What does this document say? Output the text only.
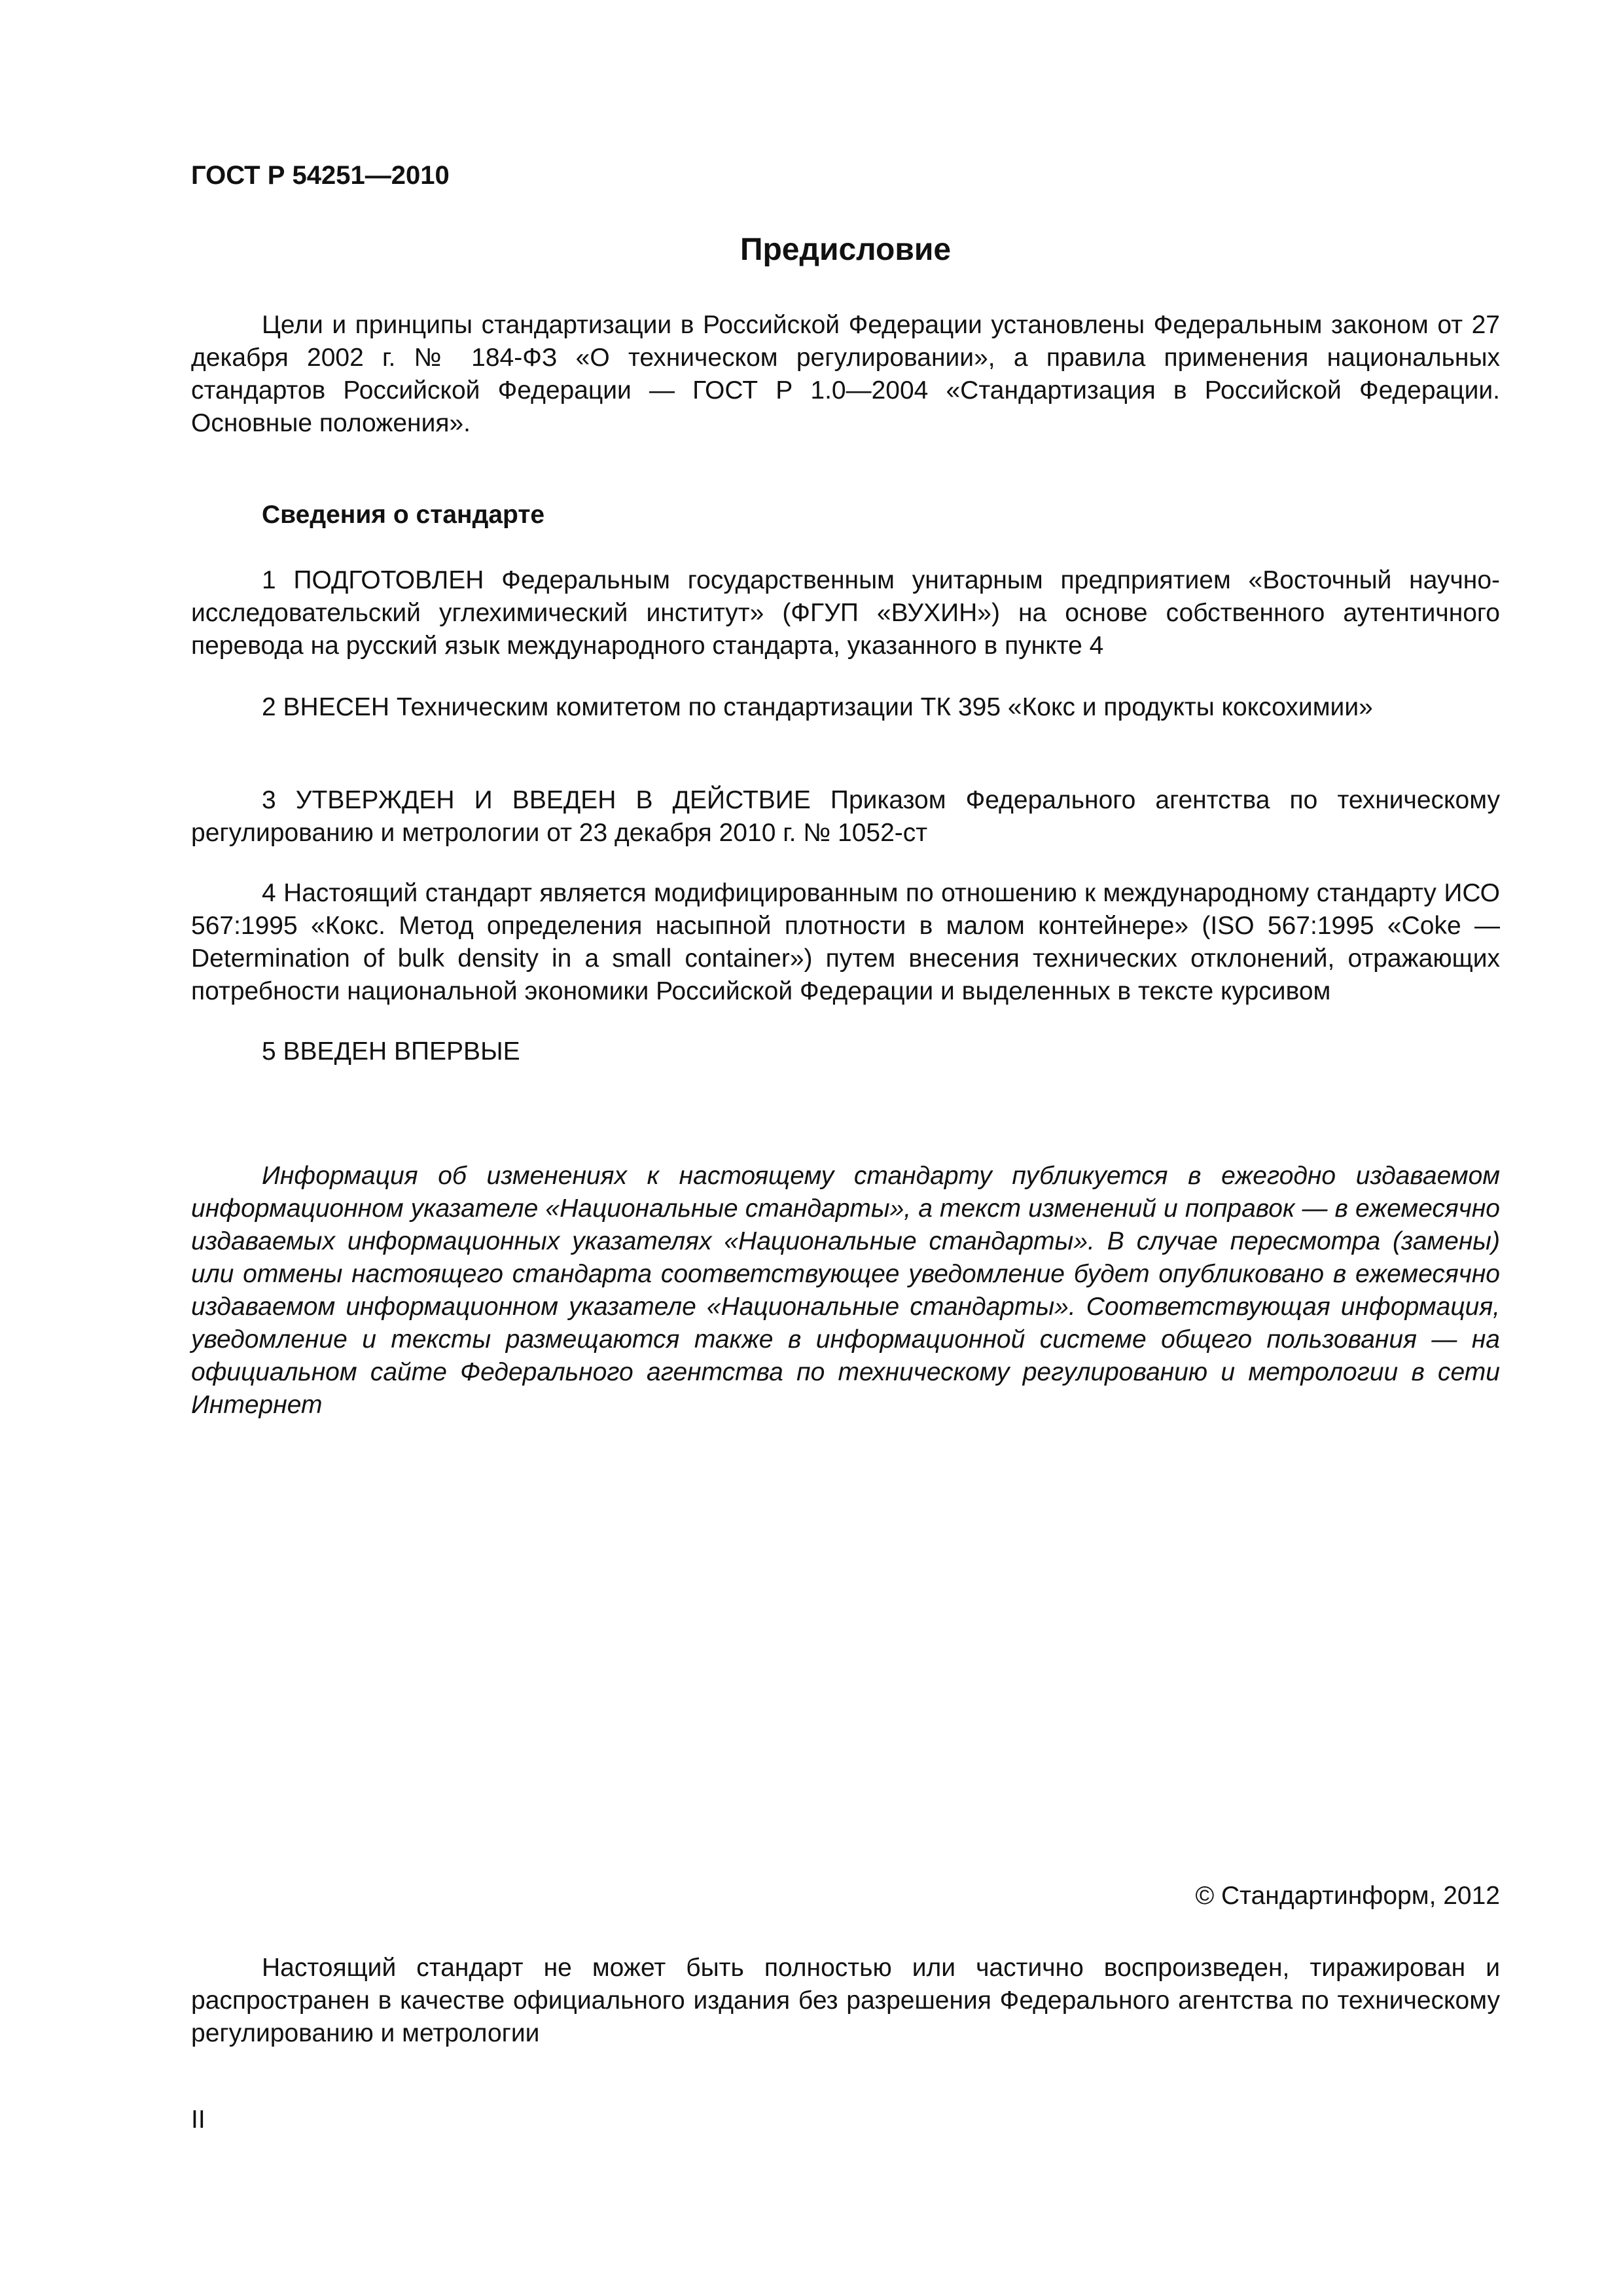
ГОСТ Р 54251—2010

Предисловие

Цели и принципы стандартизации в Российской Федерации установлены Федеральным законом от 27 декабря 2002 г. № 184-ФЗ «О техническом регулировании», а правила применения национальных стандартов Российской Федерации — ГОСТ Р 1.0—2004 «Стандартизация в Российской Федерации. Основные положения».

Сведения о стандарте

1 ПОДГОТОВЛЕН Федеральным государственным унитарным предприятием «Восточный научно-исследовательский углехимический институт» (ФГУП «ВУХИН») на основе собственного аутентичного перевода на русский язык международного стандарта, указанного в пункте 4

2 ВНЕСЕН Техническим комитетом по стандартизации ТК 395 «Кокс и продукты коксохимии»

3 УТВЕРЖДЕН И ВВЕДЕН В ДЕЙСТВИЕ Приказом Федерального агентства по техническому регулированию и метрологии от 23 декабря 2010 г. № 1052-ст

4 Настоящий стандарт является модифицированным по отношению к международному стандарту ИСО 567:1995 «Кокс. Метод определения насыпной плотности в малом контейнере» (ISO 567:1995 «Coke — Determination of bulk density in a small container») путем внесения технических отклонений, отражающих потребности национальной экономики Российской Федерации и выделенных в тексте курсивом

5 ВВЕДЕН ВПЕРВЫЕ

Информация об изменениях к настоящему стандарту публикуется в ежегодно издаваемом информационном указателе «Национальные стандарты», а текст изменений и поправок — в ежемесячно издаваемых информационных указателях «Национальные стандарты». В случае пересмотра (замены) или отмены настоящего стандарта соответствующее уведомление будет опубликовано в ежемесячно издаваемом информационном указателе «Национальные стандарты». Соответствующая информация, уведомление и тексты размещаются также в информационной системе общего пользования — на официальном сайте Федерального агентства по техническому регулированию и метрологии в сети Интернет

© Стандартинформ, 2012

Настоящий стандарт не может быть полностью или частично воспроизведен, тиражирован и распространен в качестве официального издания без разрешения Федерального агентства по техническому регулированию и метрологии

II
